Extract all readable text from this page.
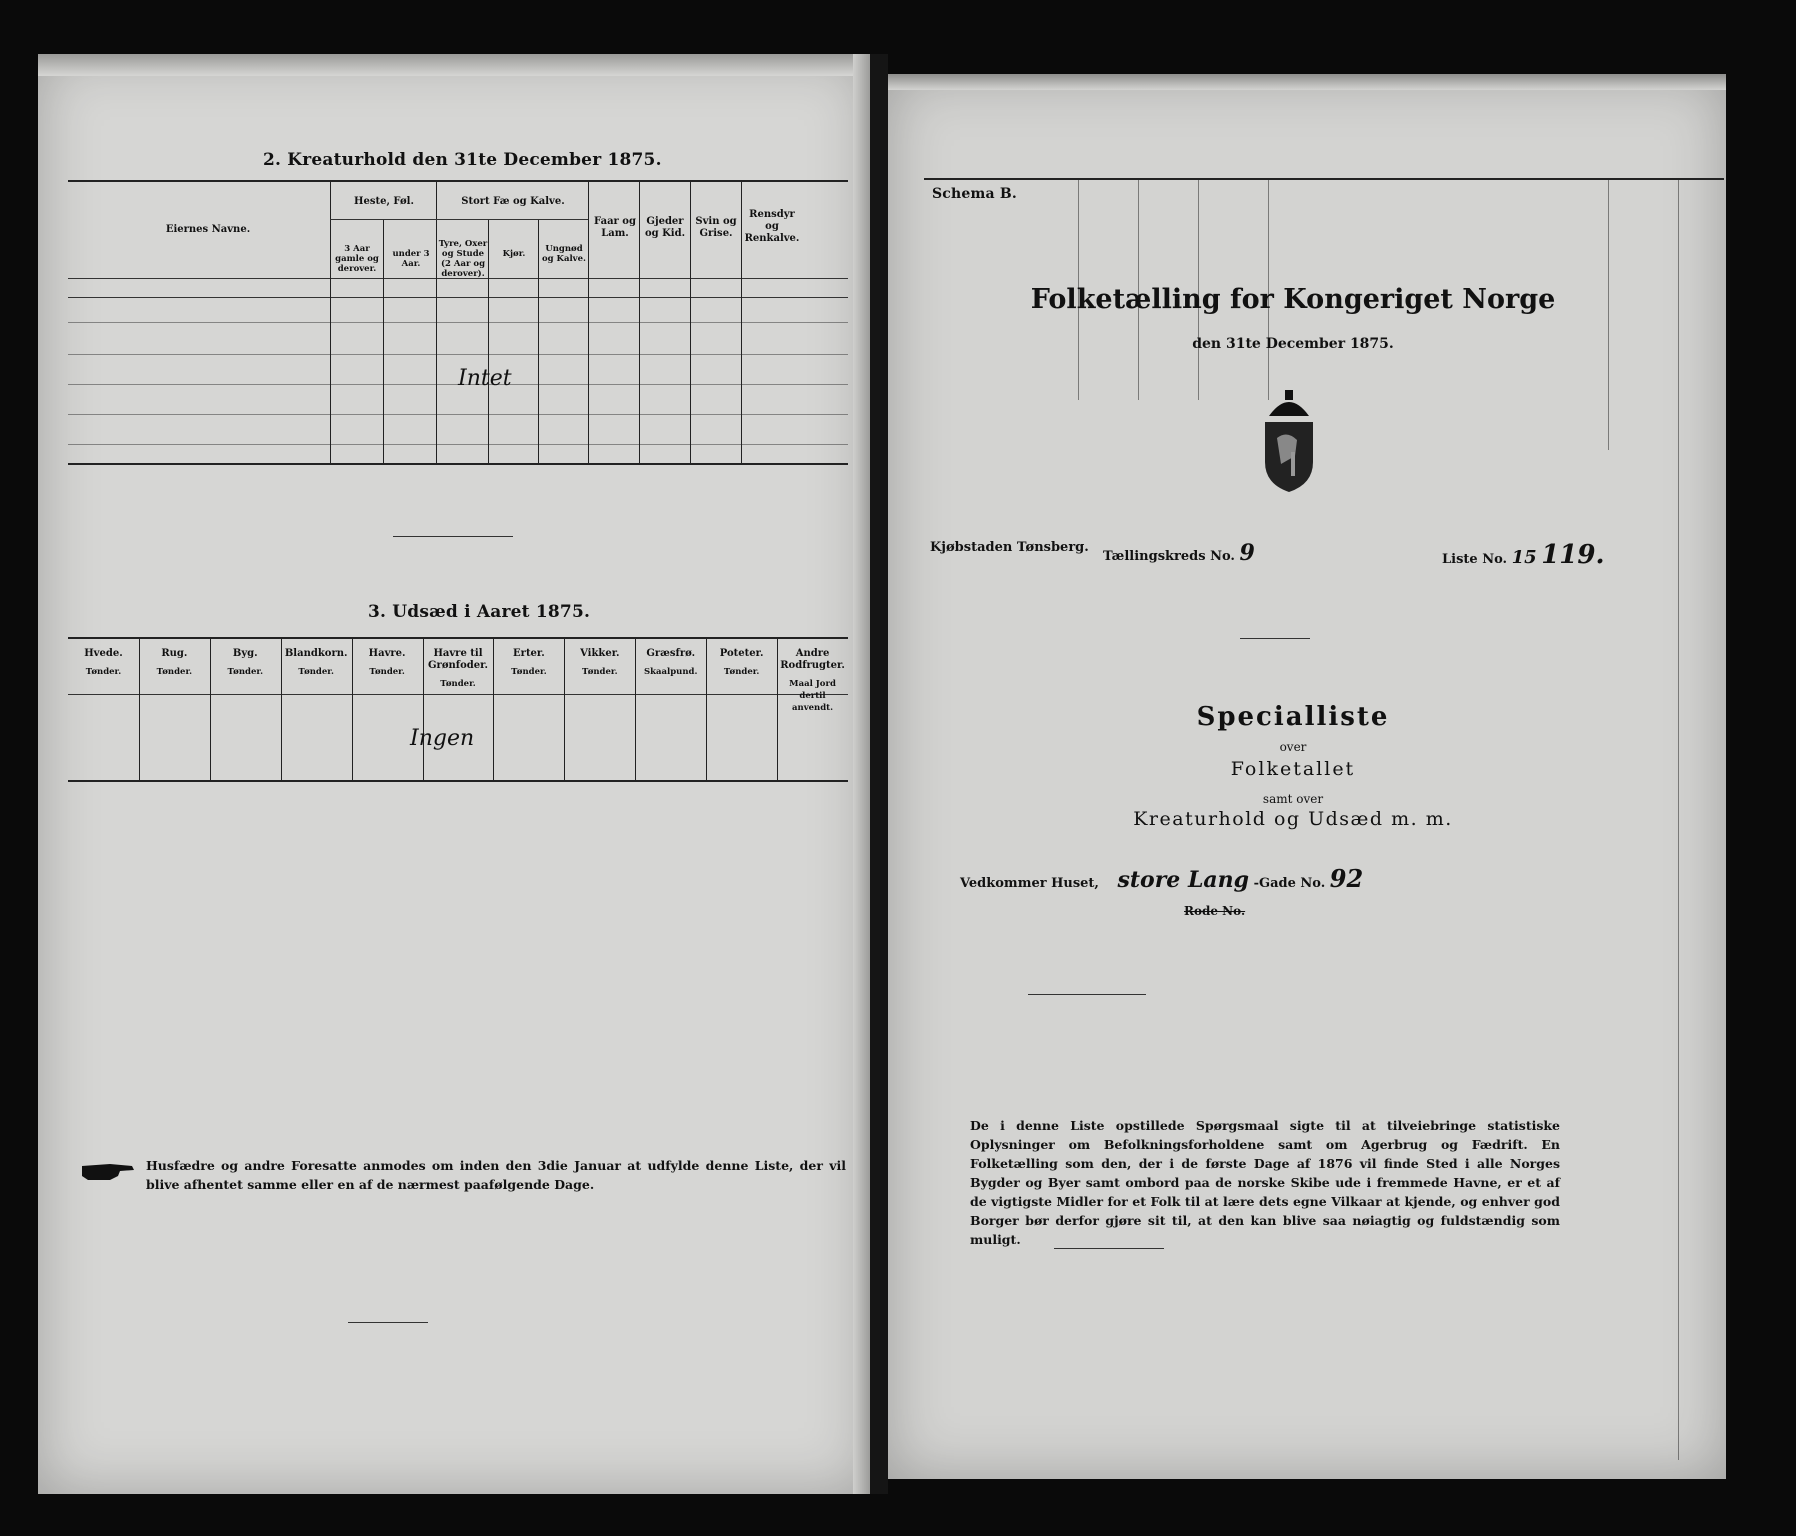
2. Kreaturhold den 31te December 1875.
Eiernes Navne.
Heste, Føl.
3 Aar gamle og derover.
under 3 Aar.
Stort Fæ og Kalve.
Tyre, Oxer og Stude (2 Aar og derover).
Kjør.	Ungnød og Kalve.
Faar og Lam.
Gjeder og Kid.
Svin og Grise.
Rensdyr og Renkalve.
Intet
3. Udsæd i Aaret 1875.
Hvede.
Tønder.
Rug.
Tønder.
Byg.
Tønder.
Blandkorn.
Tønder.
Havre.
Tønder.
Havre til Grønfoder.
Tønder.
Erter.
Tønder.
Vikker.
Tønder.
Græsfrø.
Skaalpund.
Poteter.
Tønder.
Andre Rodfrugter.
Maal Jord dertil anvendt.
Ingen
Husfædre og andre Foresatte anmodes om inden den 3die Januar at udfylde denne Liste, der vil blive afhentet samme eller en af de nærmest paafølgende Dage.
Schema B.
Folketælling for Kongeriget Norge
den 31te December 1875.
Kjøbstaden Tønsberg.
Tællingskreds No. 9	Liste No. 15 119.
Specialliste
over
Folketallet
samt over
Kreaturhold og Udsæd m. m.
Vedkommer Huset, store Lang -Gade No. 92
Rode No.
De i denne Liste opstillede Spørgsmaal sigte til at tilveiebringe statistiske Oplysninger om Befolkningsforholdene samt om Agerbrug og Fædrift. En Folketælling som den, der i de første Dage af 1876 vil finde Sted i alle Norges Bygder og Byer samt ombord paa de norske Skibe ude i fremmede Havne, er et af de vigtigste Midler for et Folk til at lære dets egne Vilkaar at kjende, og enhver god Borger bør derfor gjøre sit til, at den kan blive saa nøiagtig og fuldstændig som muligt.
